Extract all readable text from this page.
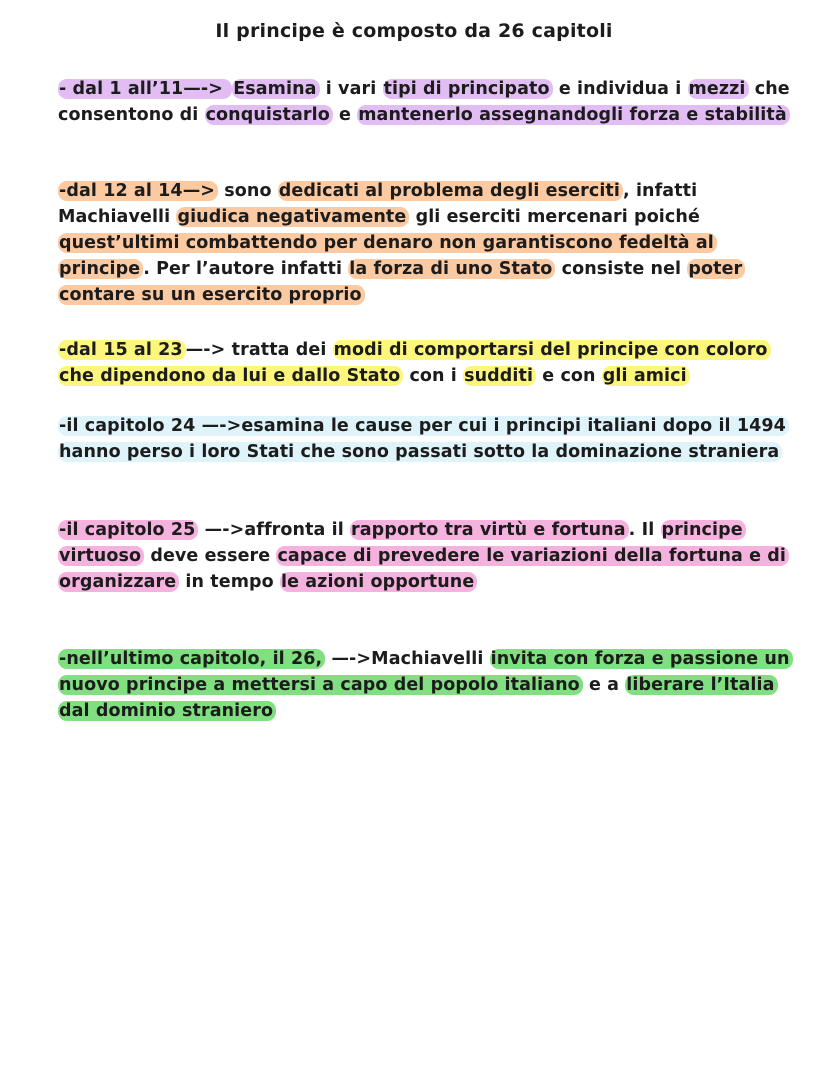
Il principe è composto da 26 capitoli
- dal 1 all’11—-> Esamina i vari tipi di principato e individua i mezzi che consentono di conquistarlo e mantenerlo assegnandogli forza e stabilità
-dal 12 al 14—> sono dedicati al problema degli eserciti , infatti Machiavelli giudica negativamente gli eserciti mercenari poiché quest’ultimi combattendo per denaro non garantiscono fedeltà al principe . Per l’autore infatti la forza di uno Stato consiste nel poter contare su un esercito proprio
-dal 15 al 23 —-> tratta dei modi di comportarsi del principe con coloro che dipendono da lui e dallo Stato con i sudditi e con gli amici
-il capitolo 24 —->esamina le cause per cui i principi italiani dopo il 1494 hanno perso i loro Stati che sono passati sotto la dominazione straniera
-il capitolo 25 —->affronta il rapporto tra virtù e fortuna . Il principe virtuoso deve essere capace di prevedere le variazioni della fortuna e di organizzare in tempo le azioni opportune
-nell’ultimo capitolo, il 26, —->Machiavelli invita con forza e passione un nuovo principe a mettersi a capo del popolo italiano e a liberare l’Italia dal dominio straniero
